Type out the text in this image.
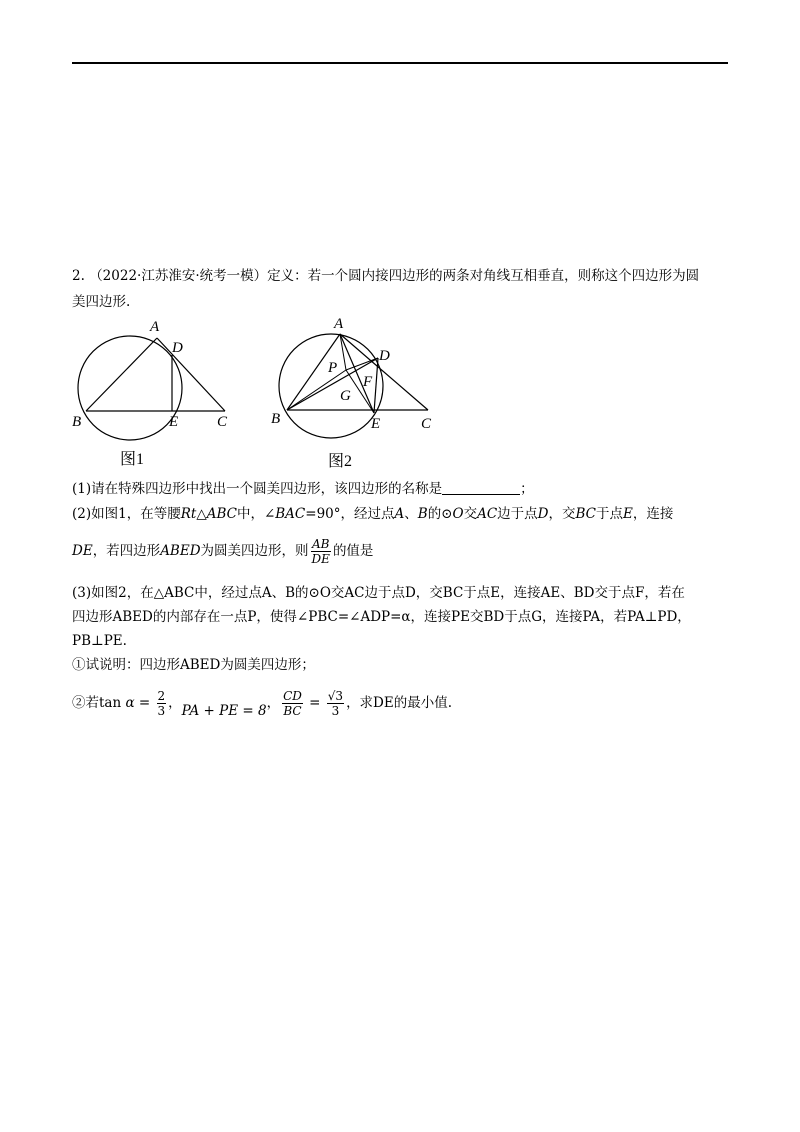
2. （2022·江苏淮安·统考一模）定义：若一个圆内接四边形的两条对角线互相垂直，则称这个四边形为圆
美四边形.
A
D
B	E	C
图1
A
D
P
F
G
B	E	C
图2
(1)请在特殊四边形中找出一个圆美四边形，该四边形的名称是	；
(2)如图1，在等腰Rt△ABC中，∠BAC=90°，经过点A、B的⊙O交AC边于点D，交BC于点E，连接
DE，若四边形ABED为圆美四边形，则 $\frac{AB}{DE}$ 的值是
(3)如图2，在△ABC中，经过点A、B的⊙O交AC边于点D，交BC于点E，连接AE、BD交于点F，若在
四边形ABED的内部存在一点P，使得∠PBC=∠ADP=α，连接PE交BD于点G，连接PA，若PA⊥PD，
PB⊥PE.
①试说明：四边形ABED为圆美四边形；
②若$\tan \alpha = \frac{2}{3}$ ，PA + PE = 8， $\frac{CD}{BC} = \frac{√3}{3}$ ，求DE的最小值.
